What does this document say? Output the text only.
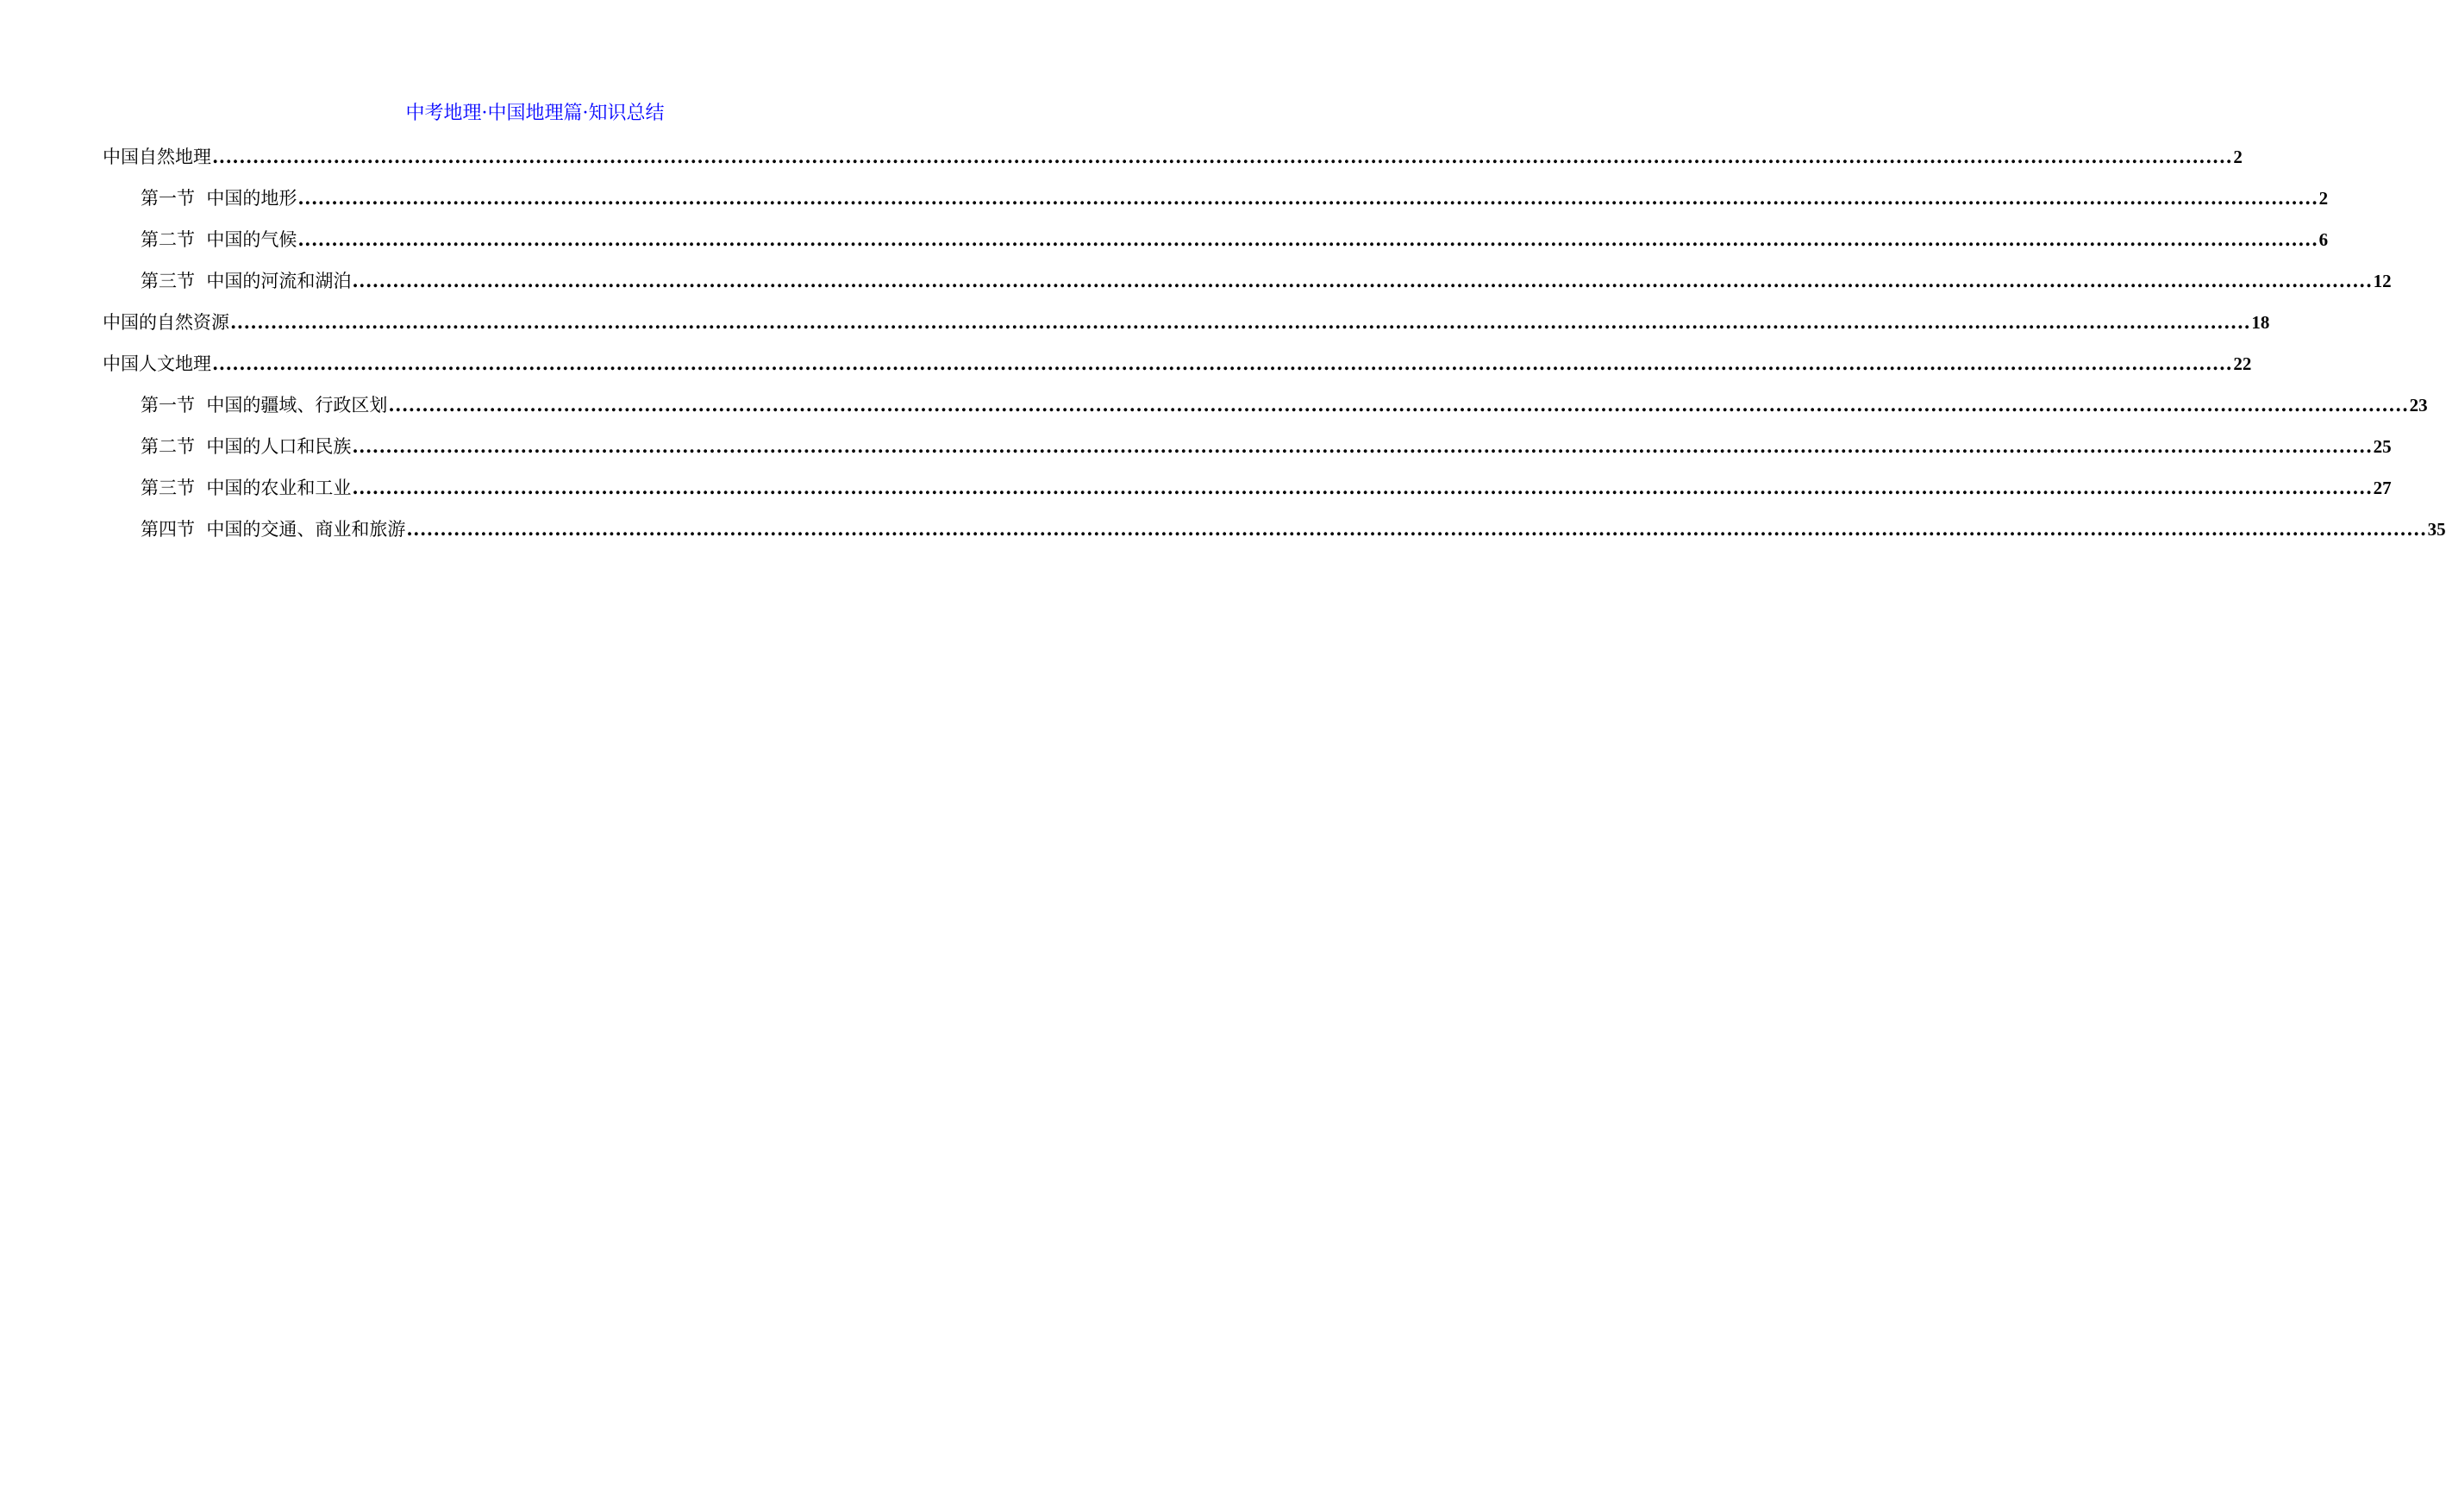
中考地理·中国地理篇·知识总结
中国自然地理 ............................................................................................................................................................................................................................................................................................................ 2
第一节  中国的地形 ............................................................................................................................................................................................................................................................................................................ 2
第二节  中国的气候 ............................................................................................................................................................................................................................................................................................................ 6
第三节  中国的河流和湖泊 ............................................................................................................................................................................................................................................................................................................ 12
中国的自然资源 ............................................................................................................................................................................................................................................................................................................ 18
中国人文地理 ............................................................................................................................................................................................................................................................................................................ 22
第一节  中国的疆域、行政区划 ............................................................................................................................................................................................................................................................................................................ 23
第二节  中国的人口和民族 ............................................................................................................................................................................................................................................................................................................ 25
第三节  中国的农业和工业 ............................................................................................................................................................................................................................................................................................................ 27
第四节  中国的交通、商业和旅游 ............................................................................................................................................................................................................................................................................................................ 35
